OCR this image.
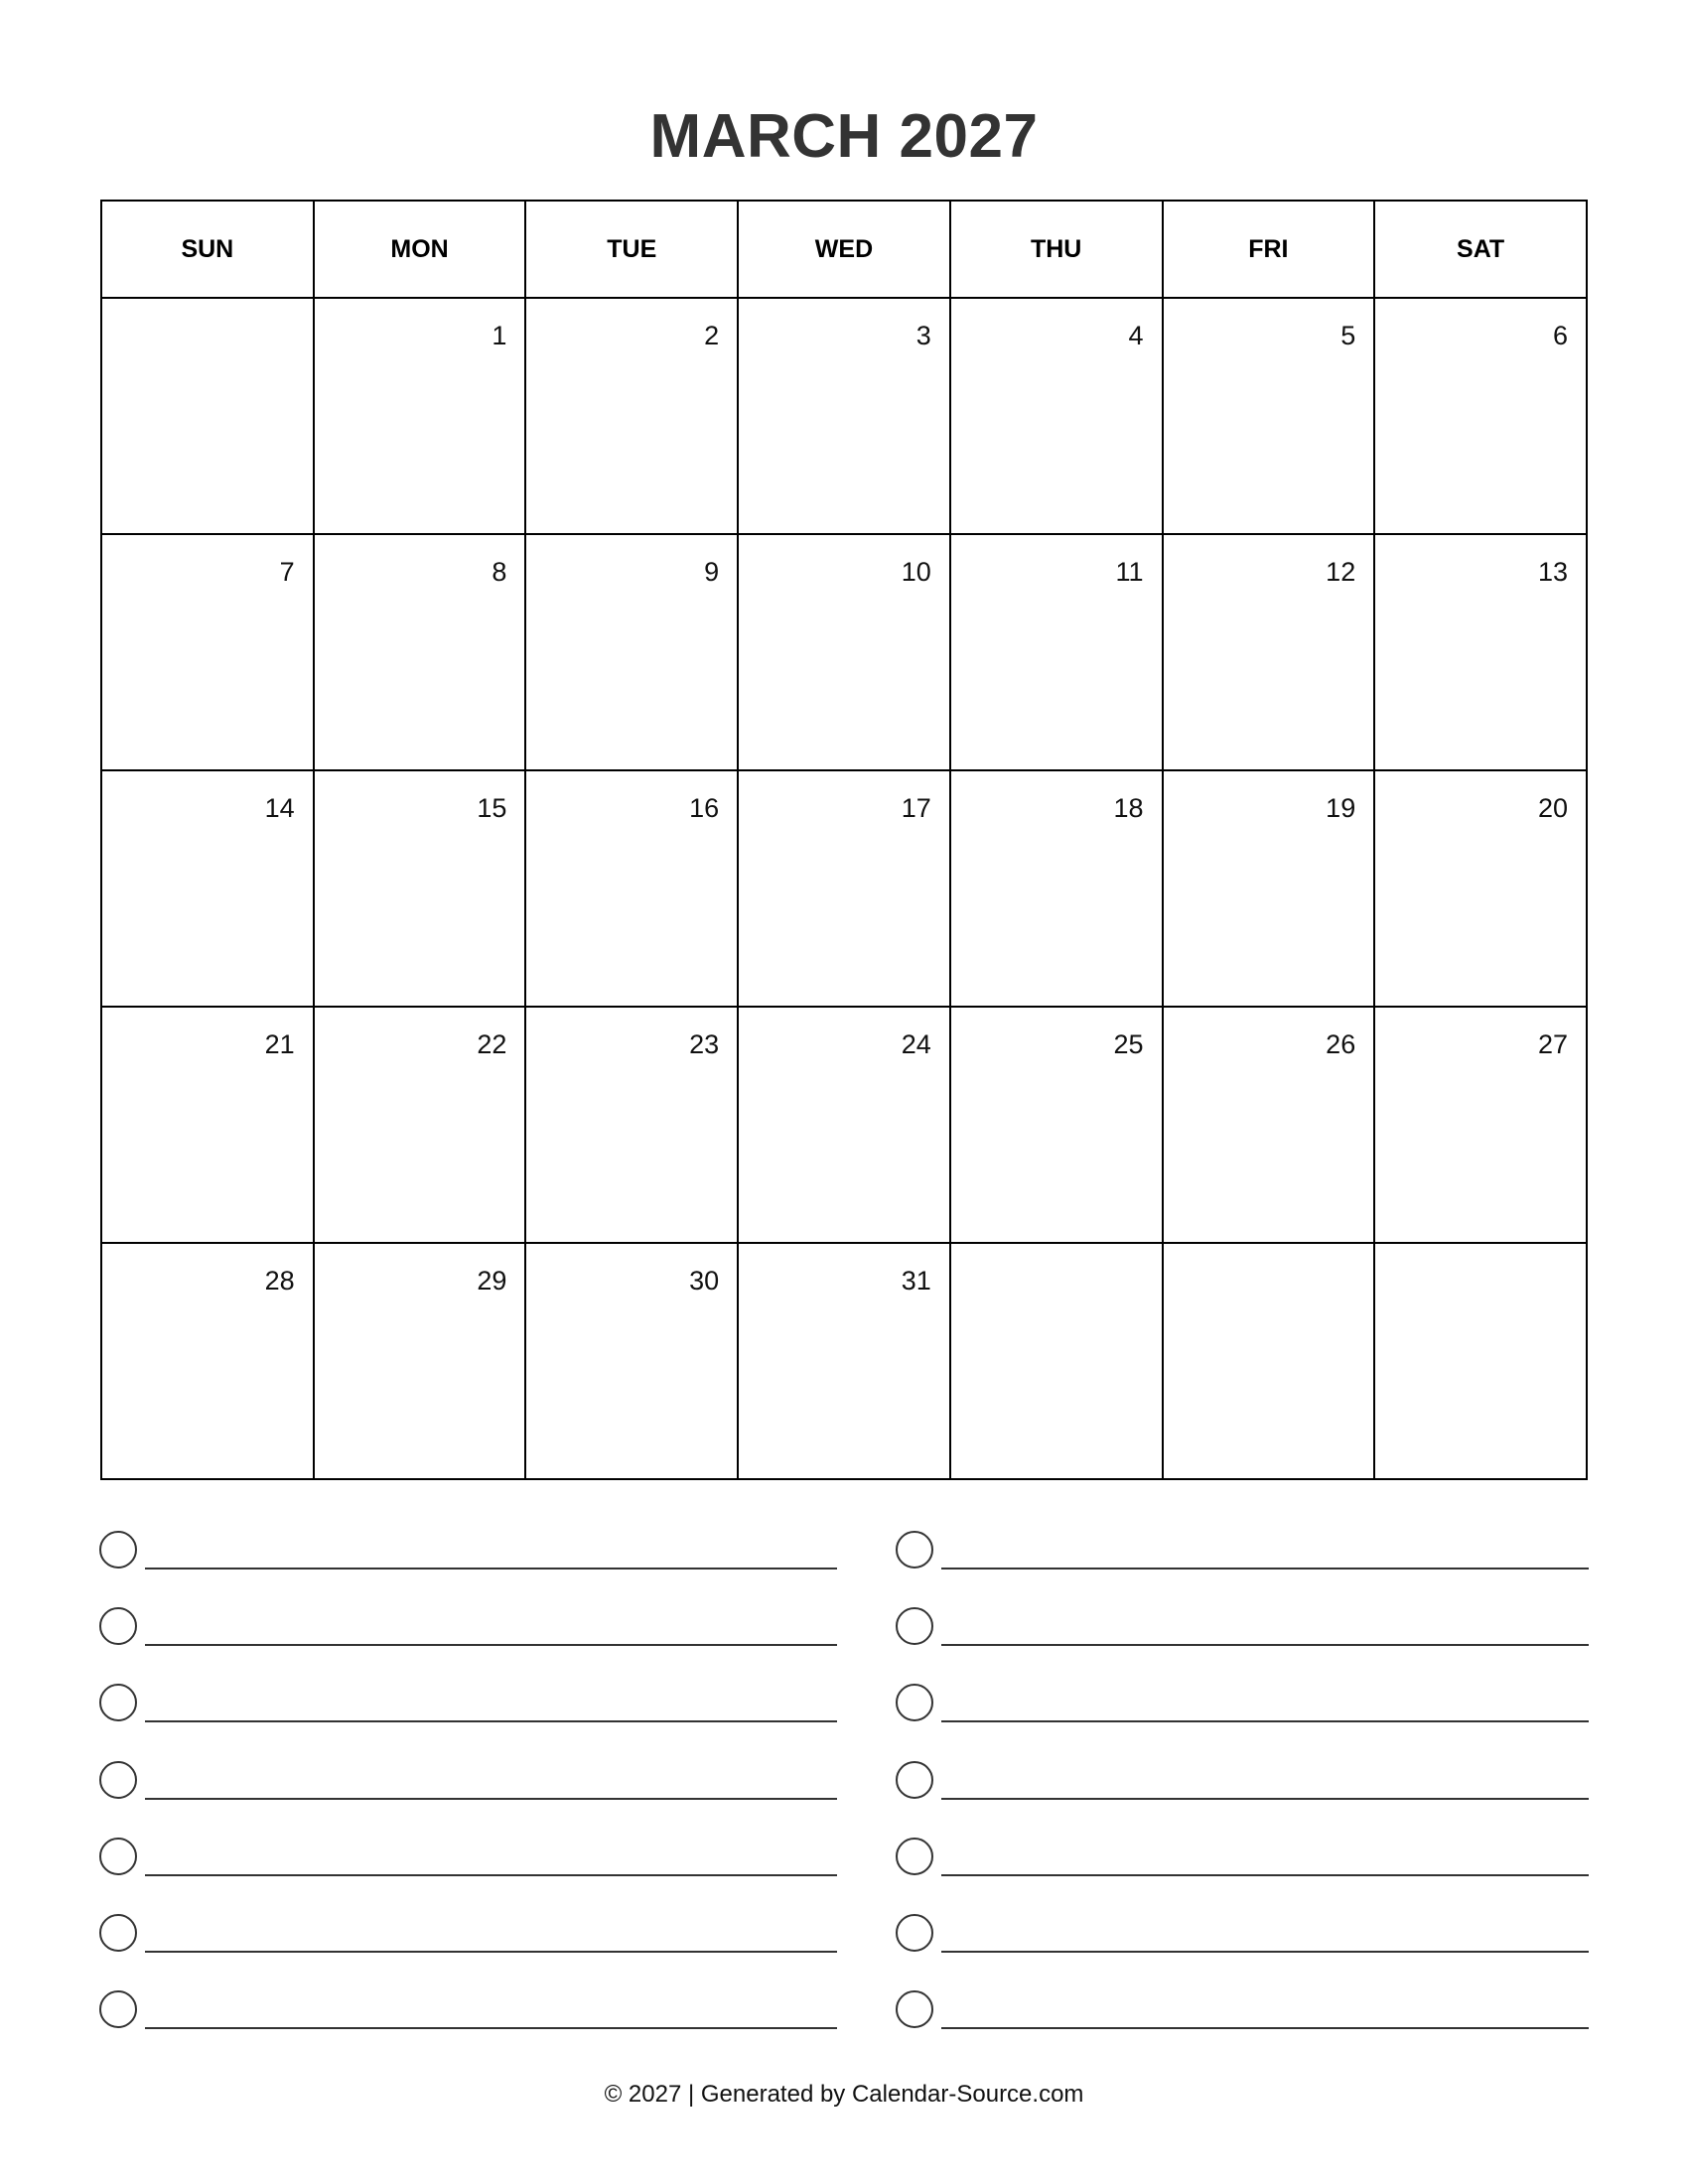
MARCH 2027
SUN	MON	TUE	WED	THU	FRI	SAT

	1	2	3	4	5	6

7	8	9	10	11	12	13

14	15	16	17	18	19	20

21	22	23	24	25	26	27

28	29	30	31			

© 2027 | Generated by Calendar-Source.com
